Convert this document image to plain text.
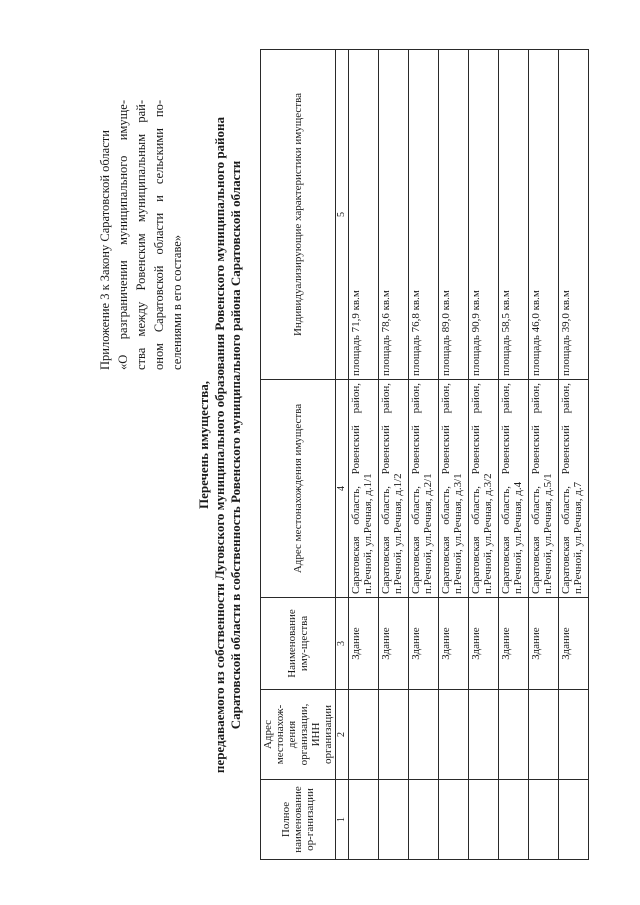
Приложение 3 к Закону Саратовской области «О разграничении муниципального имуще- ства между Ровенским муниципальным рай- оном Саратовской области и сельскими по- селениями в его составе»
Перечень имущества, передаваемого из собственности Луговского муниципального образования Ровенского муниципального района Саратовской области в собственность Ровенского муниципального района Саратовской области
Полное наименование ор-ганизации	Адрес местонахож-дения организации, ИНН организации	Наименование иму-щества	Адрес местонахождения имущества	Индивидуализирующие характеристики имущества
1	2	3	4	5
		Здание	Саратовская область, Ровенский район, п.Речной, ул.Речная, д.1/1	площадь 71,9 кв.м
		Здание	Саратовская область, Ровенский район, п.Речной, ул.Речная, д.1/2	площадь 78,6 кв.м
		Здание	Саратовская область, Ровенский район, п.Речной, ул.Речная, д.2/1	площадь 76,8 кв.м
		Здание	Саратовская область, Ровенский район, п.Речной, ул.Речная, д.3/1	площадь 89,0 кв.м
		Здание	Саратовская область, Ровенский район, п.Речной, ул.Речная, д.3/2	площадь 90,9 кв.м
		Здание	Саратовская область, Ровенский район, п.Речной, ул.Речная, д.4	площадь 58,5 кв.м
		Здание	Саратовская область, Ровенский район, п.Речной, ул.Речная, д.5/1	площадь 46,0 кв.м
		Здание	Саратовская область, Ровенский район, п.Речной, ул.Речная, д.7	площадь 39,0 кв.м
